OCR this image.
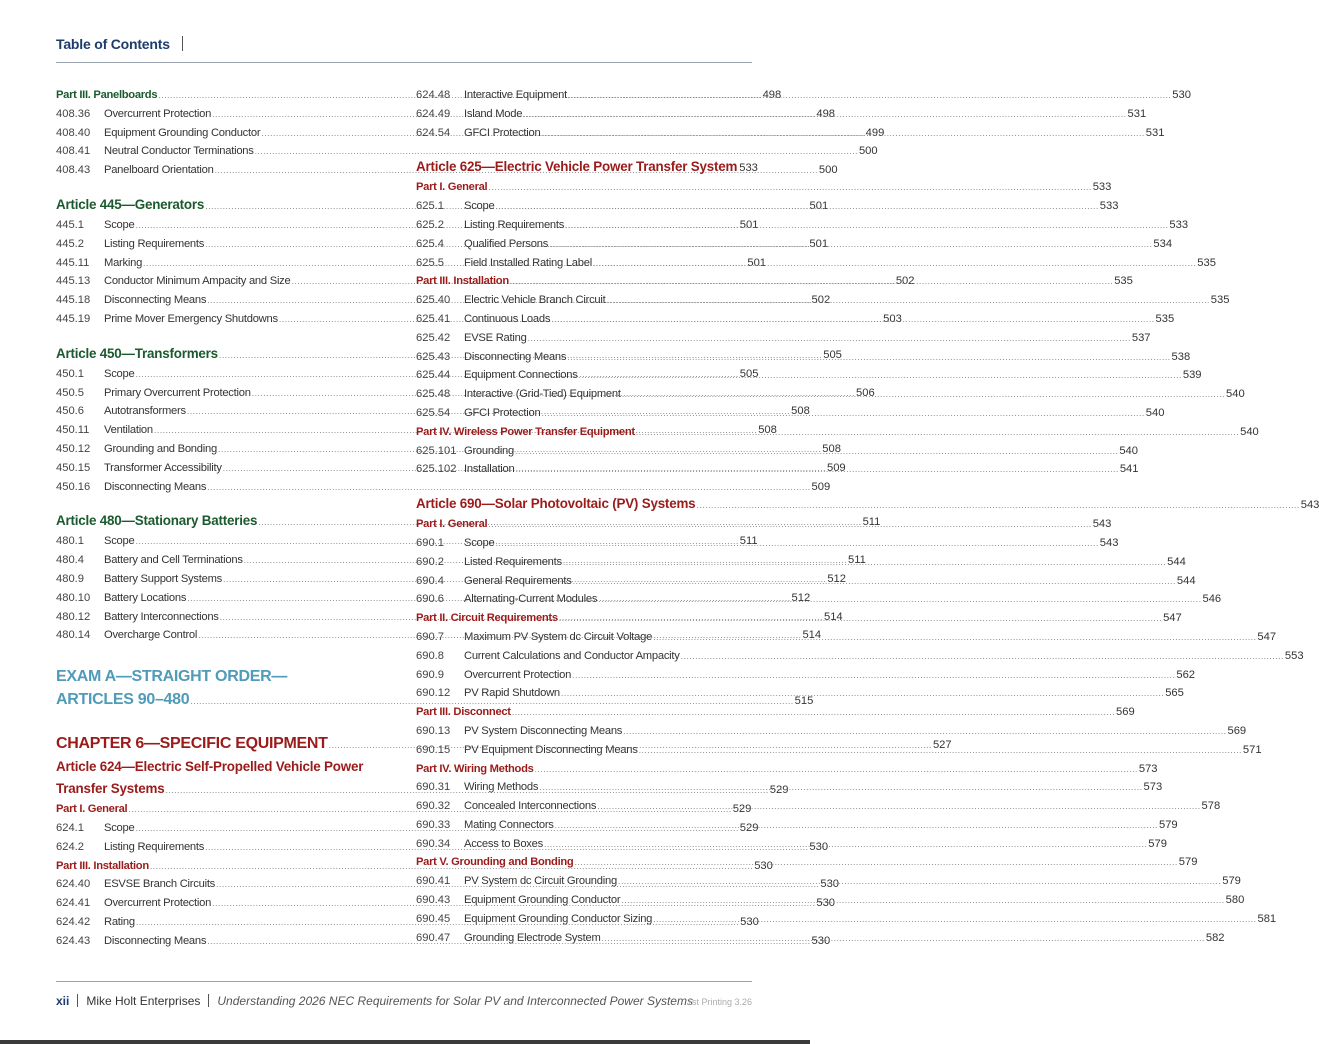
Table of Contents
Part III. Panelboards .....	498
408.36	Overcurrent Protection .....	498
408.40	Equipment Grounding Conductor .....	499
408.41	Neutral Conductor Terminations .....	500
408.43	Panelboard Orientation .....	500
Article 445—Generators .....	501
445.1	Scope .....	501
445.2	Listing Requirements .....	501
445.11	Marking .....	501
445.13	Conductor Minimum Ampacity and Size .....	502
445.18	Disconnecting Means .....	502
445.19	Prime Mover Emergency Shutdowns .....	503
Article 450—Transformers .....	505
450.1	Scope .....	505
450.5	Primary Overcurrent Protection .....	506
450.6	Autotransformers .....	508
450.11	Ventilation .....	508
450.12	Grounding and Bonding .....	508
450.15	Transformer Accessibility .....	509
450.16	Disconnecting Means .....	509
Article 480—Stationary Batteries .....	511
480.1	Scope .....	511
480.4	Battery and Cell Terminations .....	511
480.9	Battery Support Systems .....	512
480.10	Battery Locations .....	512
480.12	Battery Interconnections .....	514
480.14	Overcharge Control .....	514
EXAM A—STRAIGHT ORDER—
ARTICLES 90–480 .....	515
CHAPTER 6—SPECIFIC EQUIPMENT .....	527
Article 624—Electric Self-Propelled Vehicle Power
Transfer Systems .....	529
Part I. General .....	529
624.1	Scope .....	529
624.2	Listing Requirements .....	530
Part III. Installation .....	530
624.40	ESVSE Branch Circuits .....	530
624.41	Overcurrent Protection .....	530
624.42	Rating .....	530
624.43	Disconnecting Means .....	530
624.48	Interactive Equipment .....	530
624.49	Island Mode .....	531
624.54	GFCI Protection .....	531
Article 625—Electric Vehicle Power Transfer System 533
Part I. General .....	533
625.1	Scope .....	533
625.2	Listing Requirements .....	533
625.4	Qualified Persons .....	534
625.5	Field Installed Rating Label .....	535
Part III. Installation .....	535
625.40	Electric Vehicle Branch Circuit .....	535
625.41	Continuous Loads .....	535
625.42	EVSE Rating .....	537
625.43	Disconnecting Means .....	538
625.44	Equipment Connections .....	539
625.48	Interactive (Grid-Tied) Equipment .....	540
625.54	GFCI Protection .....	540
Part IV. Wireless Power Transfer Equipment .....	540
625.101 Grounding .....	540
625.102 Installation .....	541
Article 690—Solar Photovoltaic (PV) Systems .....	543
Part I. General .....	543
690.1	Scope .....	543
690.2	Listed Requirements .....	544
690.4	General Requirements .....	544
690.6	Alternating-Current Modules .....	546
Part II. Circuit Requirements .....	547
690.7	Maximum PV System dc Circuit Voltage .....	547
690.8	Current Calculations and Conductor Ampacity .....	553
690.9	Overcurrent Protection .....	562
690.12	PV Rapid Shutdown .....	565
Part III. Disconnect .....	569
690.13	PV System Disconnecting Means .....	569
690.15	PV Equipment Disconnecting Means .....	571
Part IV. Wiring Methods .....	573
690.31	Wiring Methods .....	573
690.32	Concealed Interconnections .....	578
690.33	Mating Connectors .....	579
690.34	Access to Boxes .....	579
Part V. Grounding and Bonding .....	579
690.41	PV System dc Circuit Grounding .....	579
690.43	Equipment Grounding Conductor .....	580
690.45	Equipment Grounding Conductor Sizing .....	581
690.47	Grounding Electrode System .....	582
xii Mike Holt Enterprises Understanding 2026 NEC Requirements for Solar PV and Interconnected Power Systems
1st Printing 3.26
